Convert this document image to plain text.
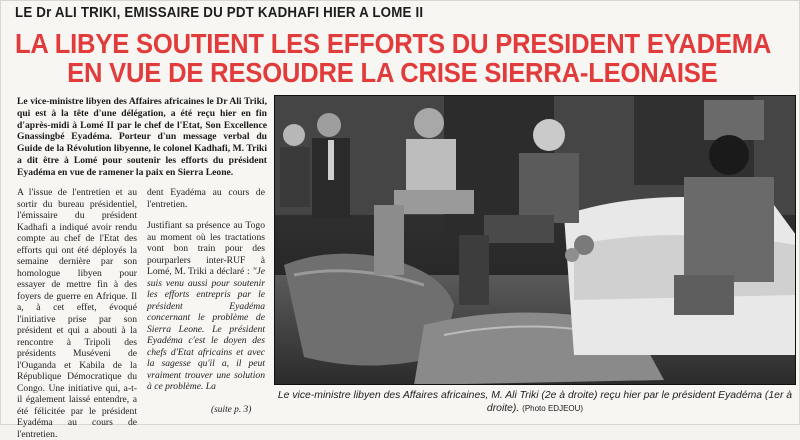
LE Dr ALI TRIKI, EMISSAIRE DU PDT KADHAFI HIER A LOME II
LA LIBYE SOUTIENT LES EFFORTS DU PRESIDENT EYADEMA
EN VUE DE RESOUDRE LA CRISE SIERRA-LEONAISE
Le vice-ministre libyen des Affaires africaines le Dr Ali Triki, qui est à la tête d'une délégation, a été reçu hier en fin d'après-midi à Lomé II par le chef de l'Etat, Son Excellence Gnassingbé Eyadéma. Porteur d'un message verbal du Guide de la Révolution libyenne, le colonel Kadhafi, M. Triki a dit être à Lomé pour soutenir les efforts du président Eyadéma en vue de ramener la paix en Sierra Leone.
A l'issue de l'entretien et au sortir du bureau présidentiel, l'émissaire du président Kadhafi a indiqué avoir rendu compte au chef de l'Etat des efforts qui ont été déployés la semaine dernière par son homologue libyen pour essayer de mettre fin à des foyers de guerre en Afrique. Il a, à cet effet, évoqué l'initiative prise par son président et qui a abouti à la rencontre à Tripoli des présidents Muséveni de l'Ouganda et Kabila de la République Démocratique du Congo. Une initiative qui, a-t-il également laissé entendre, a été félicitée par le président Eyadéma au cours de l'entretien.
dent Eyadéma au cours de l'entretien.
Justifiant sa présence au Togo au moment où les tractations vont bon train pour des pourparlers inter-RUF à Lomé, M. Triki a déclaré : "Je suis venu aussi pour soutenir les efforts entrepris par le président Eyadéma concernant le problème de Sierra Leone. Le président Eyadéma c'est le doyen des chefs d'Etat africains et avec la sagesse qu'il a, il peut vraiment trouver une solution à ce problème. La
(suite p. 3)
Le vice-ministre libyen des Affaires africaines, M. Ali Triki (2e à droite) reçu hier par le président Eyadéma (1er à droite). (Photo EDJEOU)
